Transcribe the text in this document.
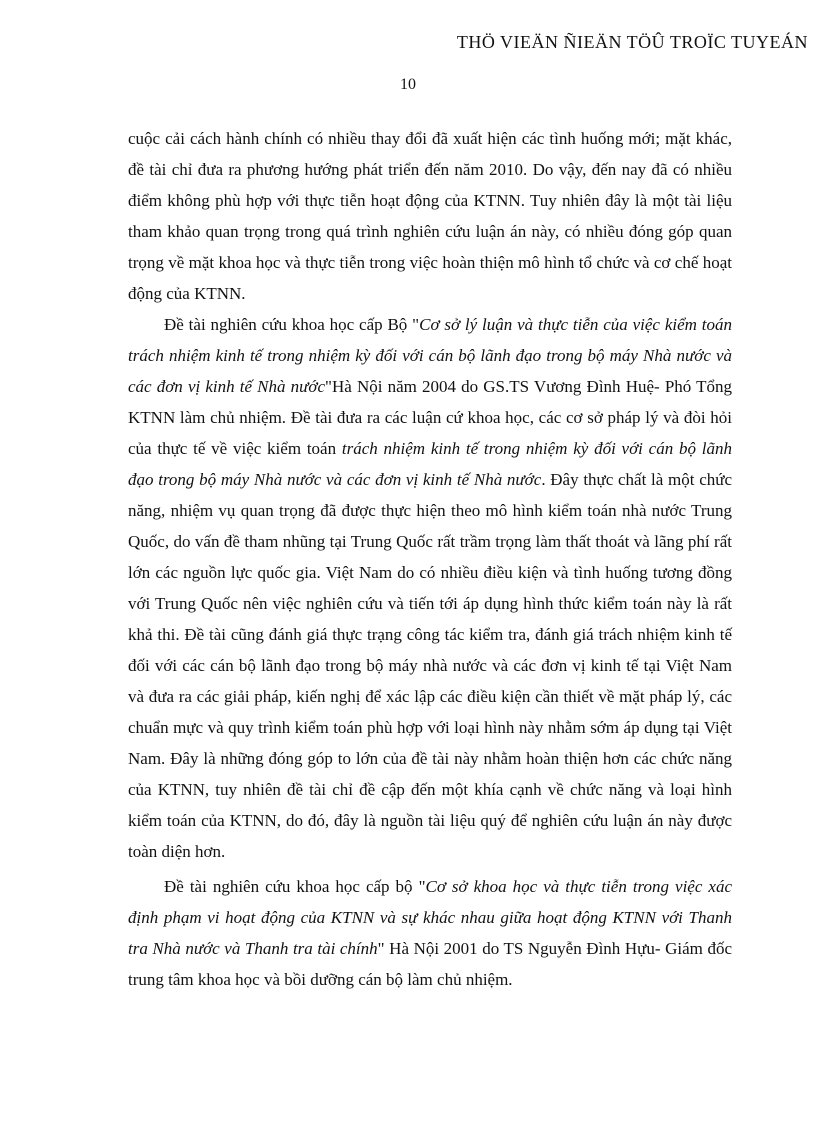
THÖ VIEÄN ÑIEÄN TÖÛ TROÏC TUYEÁN
10

cuộc cải cách hành chính có nhiều thay đổi đã xuất hiện các tình huống mới; mặt khác, đề tài chỉ đưa ra phương hướng phát triển đến năm 2010. Do vậy, đến nay đã có nhiều điểm không phù hợp với thực tiễn hoạt động của KTNN. Tuy nhiên đây là một tài liệu tham khảo quan trọng trong quá trình nghiên cứu luận án này, có nhiều đóng góp quan trọng về mặt khoa học và thực tiễn trong việc hoàn thiện mô hình tổ chức và cơ chế hoạt động của KTNN.

Đề tài nghiên cứu khoa học cấp Bộ "Cơ sở lý luận và thực tiễn của việc kiểm toán trách nhiệm kinh tế trong nhiệm kỳ đối với cán bộ lãnh đạo trong bộ máy Nhà nước và các đơn vị kinh tế Nhà nước"Hà Nội năm 2004 do GS.TS Vương Đình Huệ- Phó Tổng KTNN làm chủ nhiệm. Đề tài đưa ra các luận cứ khoa học, các cơ sở pháp lý và đòi hỏi của thực tế về việc kiểm toán trách nhiệm kinh tế trong nhiệm kỳ đối với cán bộ lãnh đạo trong bộ máy Nhà nước và các đơn vị kinh tế Nhà nước. Đây thực chất là một chức năng, nhiệm vụ quan trọng đã được thực hiện theo mô hình kiểm toán nhà nước Trung Quốc, do vấn đề tham nhũng tại Trung Quốc rất trầm trọng làm thất thoát và lãng phí rất lớn các nguồn lực quốc gia. Việt Nam do có nhiều điều kiện và tình huống tương đồng với Trung Quốc nên việc nghiên cứu và tiến tới áp dụng hình thức kiểm toán này là rất khả thi. Đề tài cũng đánh giá thực trạng công tác kiểm tra, đánh giá trách nhiệm kinh tế đối với các cán bộ lãnh đạo trong bộ máy nhà nước và các đơn vị kinh tế tại Việt Nam và đưa ra các giải pháp, kiến nghị để xác lập các điều kiện cần thiết về mặt pháp lý, các chuẩn mực và quy trình kiểm toán phù hợp với loại hình này nhằm sớm áp dụng tại Việt Nam. Đây là những đóng góp to lớn của đề tài này nhằm hoàn thiện hơn các chức năng của KTNN, tuy nhiên đề tài chỉ đề cập đến một khía cạnh về chức năng và loại hình kiểm toán của KTNN, do đó, đây là nguồn tài liệu quý để nghiên cứu luận án này được toàn diện hơn.

Đề tài nghiên cứu khoa học cấp bộ "Cơ sở khoa học và thực tiễn trong việc xác định phạm vi hoạt động của KTNN và sự khác nhau giữa hoạt động KTNN với Thanh tra Nhà nước và Thanh tra tài chính" Hà Nội 2001 do TS Nguyễn Đình Hựu- Giám đốc trung tâm khoa học và bồi dưỡng cán bộ làm chủ nhiệm.
